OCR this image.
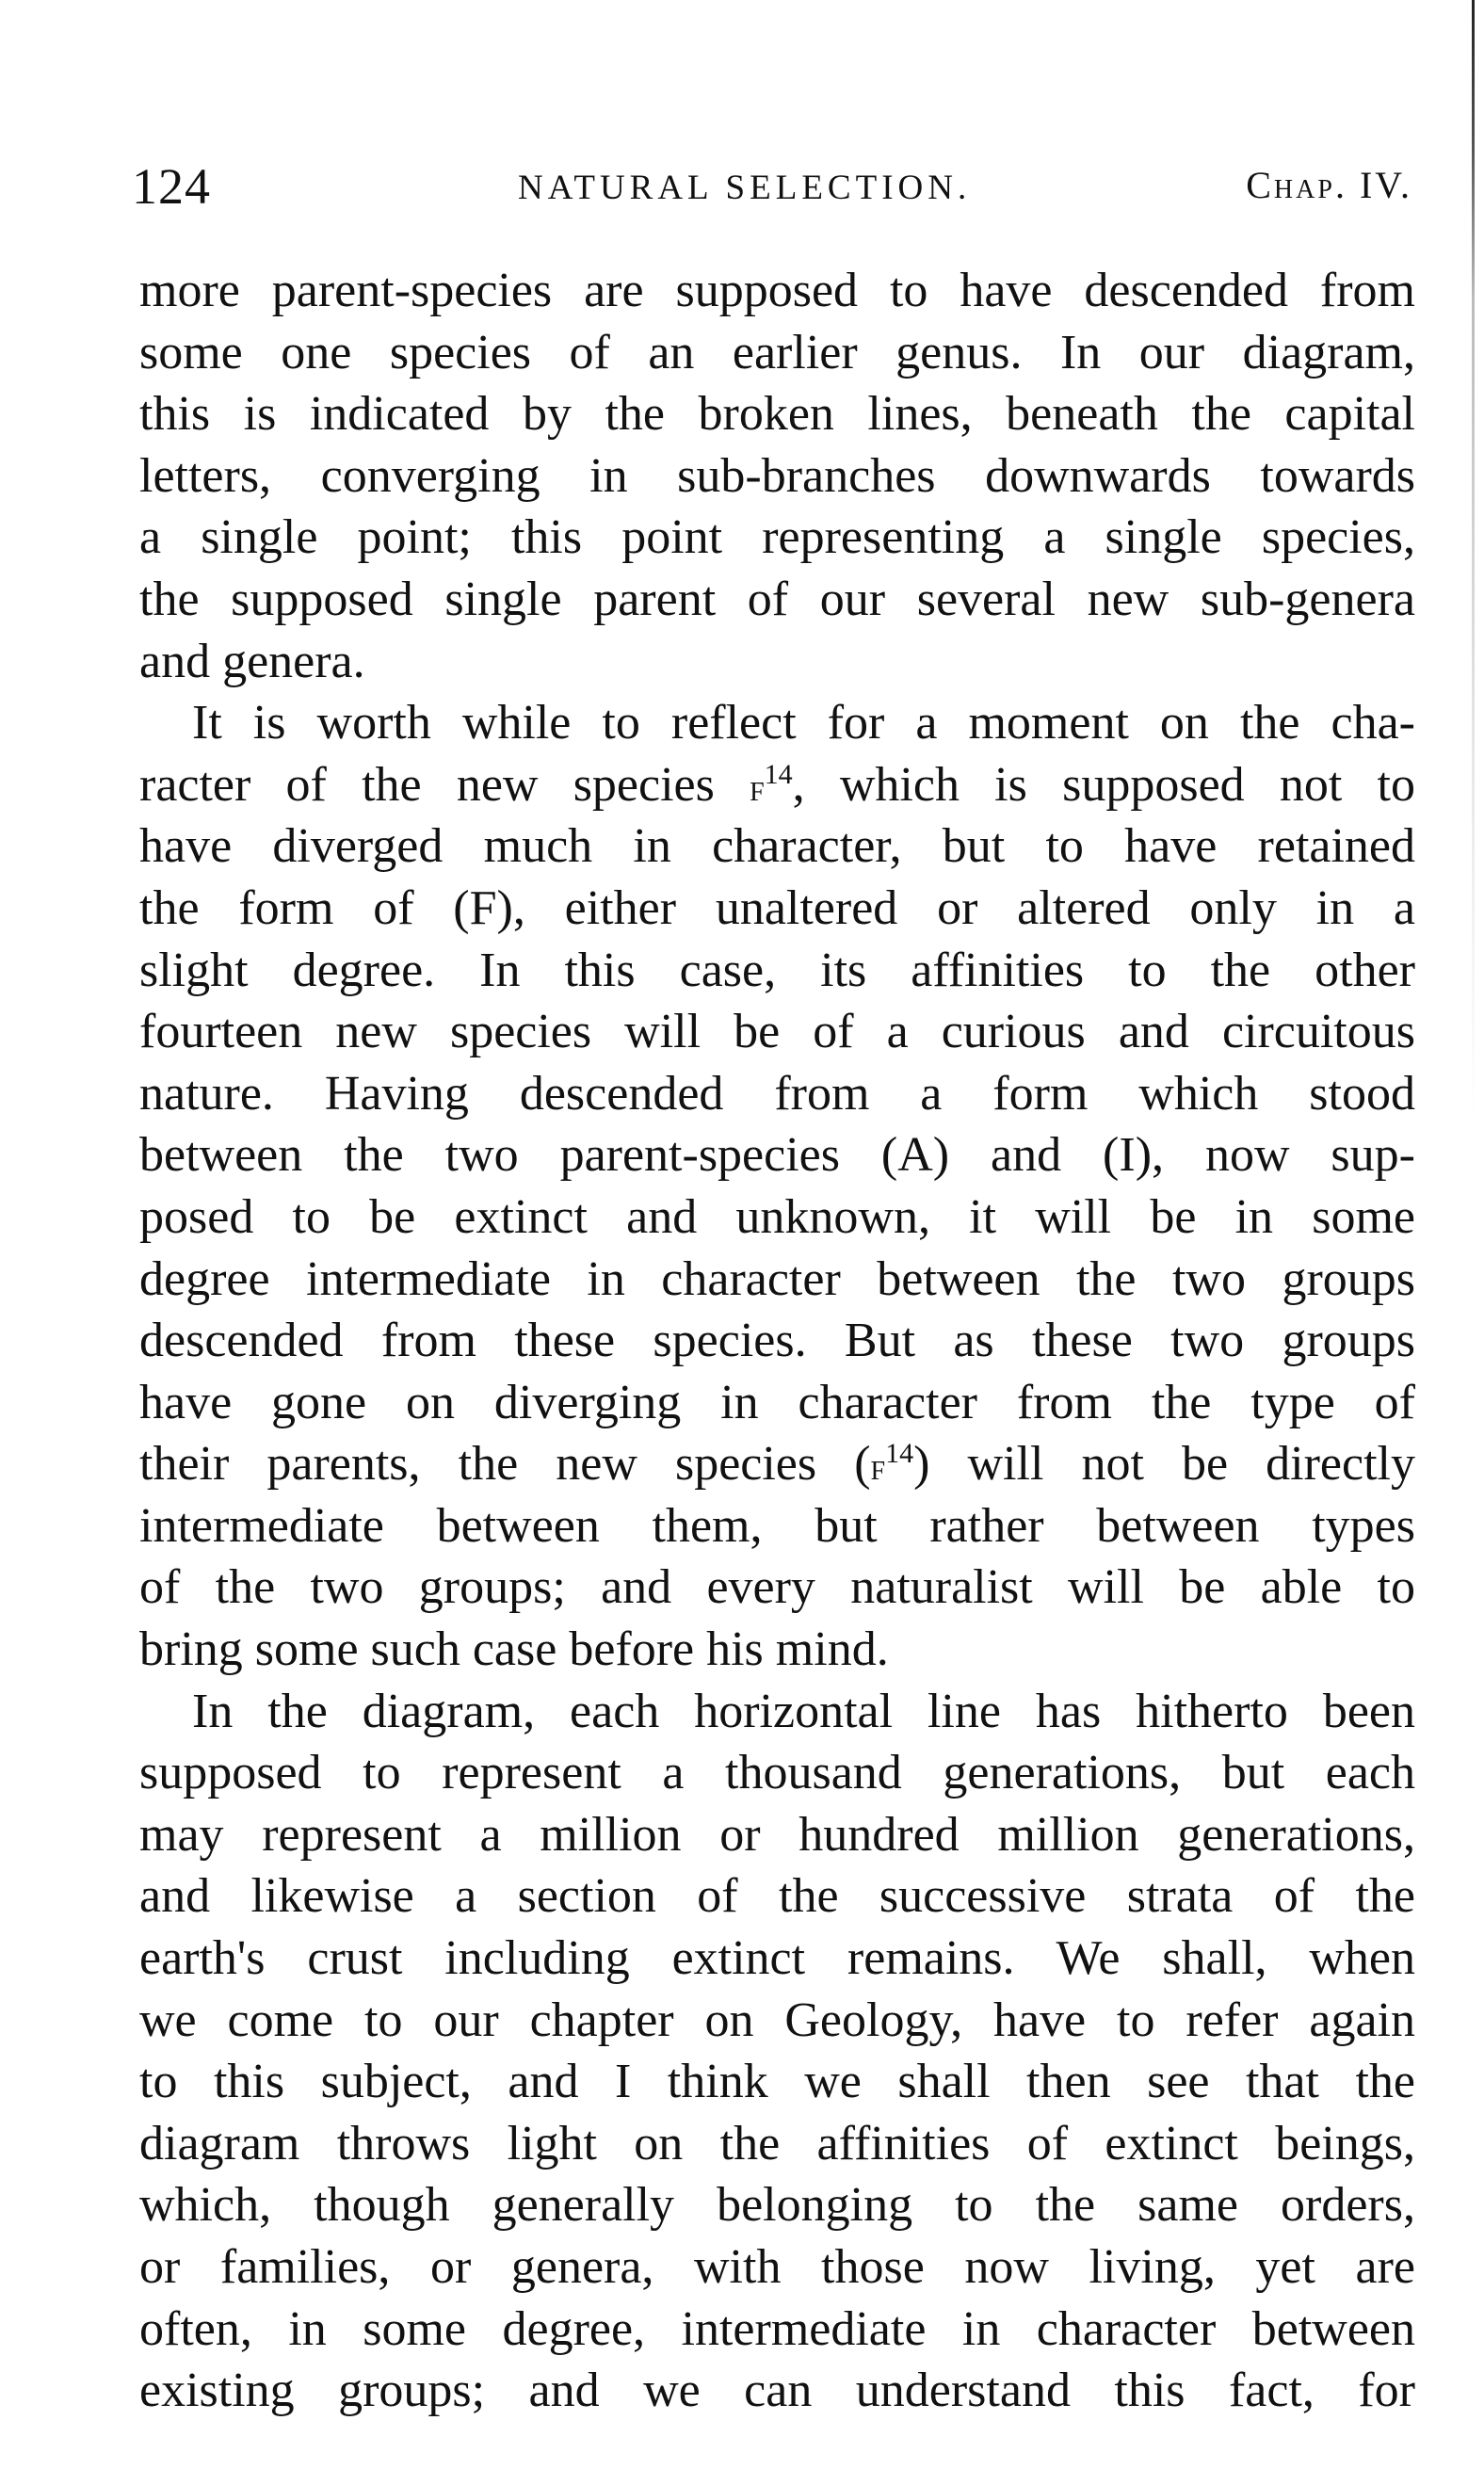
124	NATURAL SELECTION.	Chap. IV.
more parent-species are supposed to have descended from
some one species of an earlier genus. In our diagram,
this is indicated by the broken lines, beneath the capital
letters, converging in sub-branches downwards towards
a single point; this point representing a single species,
the supposed single parent of our several new sub-genera
and genera.
It is worth while to reflect for a moment on the cha-
racter of the new species $f^{14}$, which is supposed not to
have diverged much in character, but to have retained
the form of (F), either unaltered or altered only in a
slight degree. In this case, its affinities to the other
fourteen new species will be of a curious and circuitous
nature. Having descended from a form which stood
between the two parent-species (A) and (I), now sup-
posed to be extinct and unknown, it will be in some
degree intermediate in character between the two groups
descended from these species. But as these two groups
have gone on diverging in character from the type of
their parents, the new species $(f^{14})$ will not be directly
intermediate between them, but rather between types
of the two groups; and every naturalist will be able to
bring some such case before his mind.
In the diagram, each horizontal line has hitherto been
supposed to represent a thousand generations, but each
may represent a million or hundred million generations,
and likewise a section of the successive strata of the
earth's crust including extinct remains. We shall, when
we come to our chapter on Geology, have to refer again
to this subject, and I think we shall then see that the
diagram throws light on the affinities of extinct beings,
which, though generally belonging to the same orders,
or families, or genera, with those now living, yet are
often, in some degree, intermediate in character between
existing groups; and we can understand this fact, for
